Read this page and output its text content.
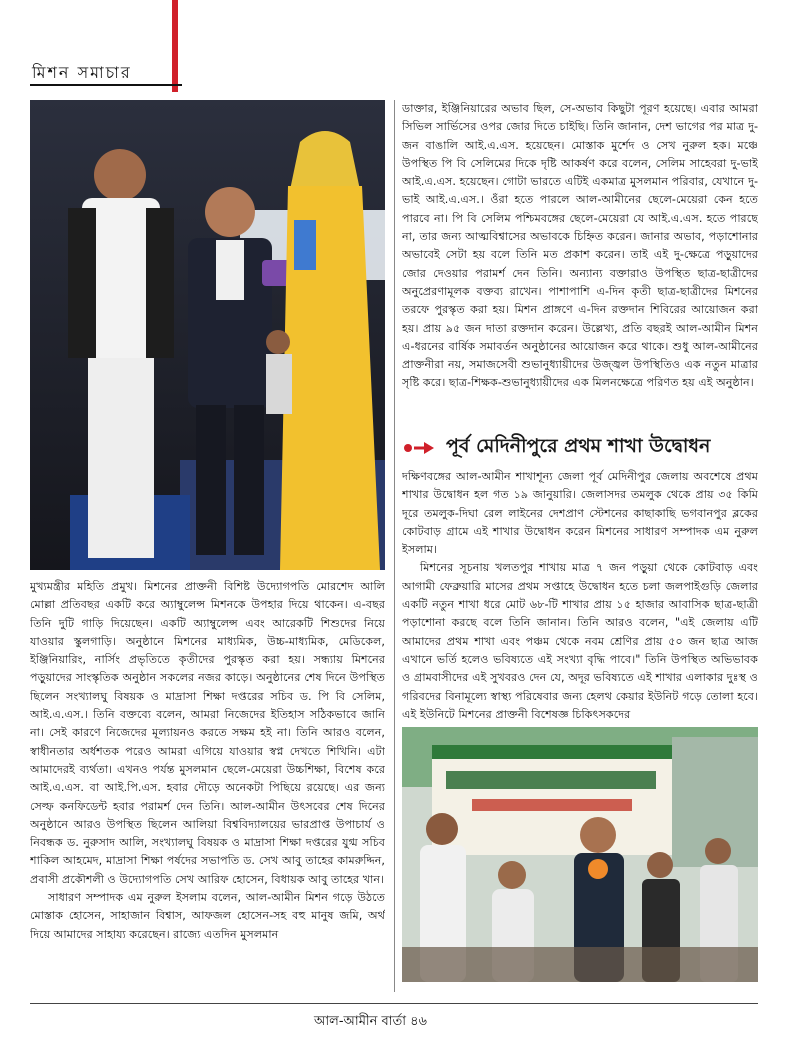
মিশন সমাচার

মুখ্যমন্ত্রীর মহিতি প্রমুখ। মিশনের প্রাক্তনী বিশিষ্ট উদ্যোগপতি মোরশেদ আলি মোল্লা প্রতিবছর একটি করে অ্যাম্বুলেন্স মিশনকে উপহার দিয়ে থাকেন। এ-বছর তিনি দুটি গাড়ি দিয়েছেন। একটি অ্যাম্বুলেন্স এবং আরেকটি শিশুদের নিয়ে যাওয়ার স্কুলগাড়ি। অনুষ্ঠানে মিশনের মাধ্যমিক, উচ্চ-মাধ্যমিক, মেডিকেল, ইঞ্জিনিয়ারিং, নার্সিং প্রভৃতিতে কৃতীদের পুরস্কৃত করা হয়। সন্ধ্যায় মিশনের পড়ুয়াদের সাংস্কৃতিক অনুষ্ঠান সকলের নজর কাড়ে। অনুষ্ঠানের শেষ দিনে উপস্থিত ছিলেন সংখ্যালঘু বিষয়ক ও মাদ্রাসা শিক্ষা দপ্তরের সচিব ড. পি বি সেলিম, আই.এ.এস.। তিনি বক্তব্যে বলেন, আমরা নিজেদের ইতিহাস সঠিকভাবে জানি না। সেই কারণে নিজেদের মূল্যায়নও করতে সক্ষম হই না। তিনি আরও বলেন, স্বাধীনতার অর্ধশতক পরেও আমরা এগিয়ে যাওয়ার স্বপ্ন দেখতে শিখিনি। এটা আমাদেরই ব্যর্থতা। এখনও পর্যন্ত মুসলমান ছেলে-মেয়েরা উচ্চশিক্ষা, বিশেষ করে আই.এ.এস. বা আই.পি.এস. হবার দৌড়ে অনেকটা পিছিয়ে রয়েছে। এর জন্য সেল্ফ কনফিডেন্ট হবার পরামর্শ দেন তিনি। আল-আমীন উৎসবের শেষ দিনের অনুষ্ঠানে আরও উপস্থিত ছিলেন আলিয়া বিশ্ববিদ্যালয়ের ভারপ্রাপ্ত উপাচার্য ও নিবন্ধক ড. নুরুসাদ আলি, সংখ্যালঘু বিষয়ক ও মাদ্রাসা শিক্ষা দপ্তরের যুগ্ম সচিব শাকিল আহমেদ, মাদ্রাসা শিক্ষা পর্ষদের সভাপতি ড. সেখ আবু তাহের কামরুদ্দিন, প্রবাসী প্রকৌশলী ও উদ্যোগপতি সেখ আরিফ হোসেন, বিধায়ক আবু তাহের খান।

সাধারণ সম্পাদক এম নুরুল ইসলাম বলেন, আল-আমীন মিশন গড়ে উঠতে মোস্তাক হোসেন, সাহাজান বিশ্বাস, আফজল হোসেন-সহ বহু মানুষ জমি, অর্থ দিয়ে আমাদের সাহায্য করেছেন। রাজ্যে এতদিন মুসলমান

ডাক্তার, ইঞ্জিনিয়ারের অভাব ছিল, সে-অভাব কিছুটা পূরণ হয়েছে। এবার আমরা সিভিল সার্ভিসের ওপর জোর দিতে চাইছি। তিনি জানান, দেশ ভাগের পর মাত্র দু-জন বাঙালি আই.এ.এস. হয়েছেন। মোস্তাক মুর্শেদ ও সেখ নুরুল হক। মঞ্চে উপস্থিত পি বি সেলিমের দিকে দৃষ্টি আকর্ষণ করে বলেন, সেলিম সাহেবরা দু-ভাই আই.এ.এস. হয়েছেন। গোটা ভারতে এটিই একমাত্র মুসলমান পরিবার, যেখানে দু-ভাই আই.এ.এস.। ওঁরা হতে পারলে আল-আমীনের ছেলে-মেয়েরা কেন হতে পারবে না। পি বি সেলিম পশ্চিমবঙ্গের ছেলে-মেয়েরা যে আই.এ.এস. হতে পারছে না, তার জন্য আত্মবিশ্বাসের অভাবকে চিহ্নিত করেন। জানার অভাব, পড়াশোনার অভাবেই সেটা হয় বলে তিনি মত প্রকাশ করেন। তাই এই দু-ক্ষেত্রে পড়ুয়াদের জোর দেওয়ার পরামর্শ দেন তিনি। অন্যান্য বক্তারাও উপস্থিত ছাত্র-ছাত্রীদের অনুপ্রেরণামূলক বক্তব্য রাখেন। পাশাপাশি এ-দিন কৃতী ছাত্র-ছাত্রীদের মিশনের তরফে পুরস্কৃত করা হয়। মিশন প্রাঙ্গণে এ-দিন রক্তদান শিবিরের আয়োজন করা হয়। প্রায় ৯৫ জন দাতা রক্তদান করেন। উল্লেখ্য, প্রতি বছরই আল-আমীন মিশন এ-ধরনের বার্ষিক সমাবর্তন অনুষ্ঠানের আয়োজন করে থাকে। শুধু আল-আমীনের প্রাক্তনীরা নয়, সমাজসেবী শুভানুধ্যায়ীদের উজ্জ্বল উপস্থিতিও এক নতুন মাত্রার সৃষ্টি করে। ছাত্র-শিক্ষক-শুভানুধ্যায়ীদের এক মিলনক্ষেত্রে পরিণত হয় এই অনুষ্ঠান।

পূর্ব মেদিনীপুরে প্রথম শাখা উদ্বোধন

দক্ষিণবঙ্গের আল-আমীন শাখাশূন্য জেলা পূর্ব মেদিনীপুর জেলায় অবশেষে প্রথম শাখার উদ্বোধন হল গত ১৯ জানুয়ারি। জেলাসদর তমলুক থেকে প্রায় ৩৫ কিমি দূরে তমলুক-দিঘা রেল লাইনের দেশপ্রাণ স্টেশনের কাছাকাছি ভগবানপুর ব্লকের কোটবাড় গ্রামে এই শাখার উদ্বোধন করেন মিশনের সাধারণ সম্পাদক এম নুরুল ইসলাম।

মিশনের সূচনায় খলতপুর শাখায় মাত্র ৭ জন পড়ুয়া থেকে কোটবাড় এবং আগামী ফেব্রুয়ারি মাসের প্রথম সপ্তাহে উদ্বোধন হতে চলা জলপাইগুড়ি জেলার একটি নতুন শাখা ধরে মোট ৬৮-টি শাখার প্রায় ১৫ হাজার আবাসিক ছাত্র-ছাত্রী পড়াশোনা করছে বলে তিনি জানান। তিনি আরও বলেন, "এই জেলায় এটি আমাদের প্রথম শাখা এবং পঞ্চম থেকে নবম শ্রেণির প্রায় ৫০ জন ছাত্র আজ এখানে ভর্তি হলেও ভবিষ্যতে এই সংখ্যা বৃদ্ধি পাবে।" তিনি উপস্থিত অভিভাবক ও গ্রামবাসীদের এই সুখবরও দেন যে, অদূর ভবিষ্যতে এই শাখার এলাকার দুঃস্থ ও গরিবদের বিনামূল্যে স্বাস্থ্য পরিষেবার জন্য হেলথ কেয়ার ইউনিট গড়ে তোলা হবে। এই ইউনিটে মিশনের প্রাক্তনী বিশেষজ্ঞ চিকিৎসকদের

আল-আমীন বার্তা ৪৬
